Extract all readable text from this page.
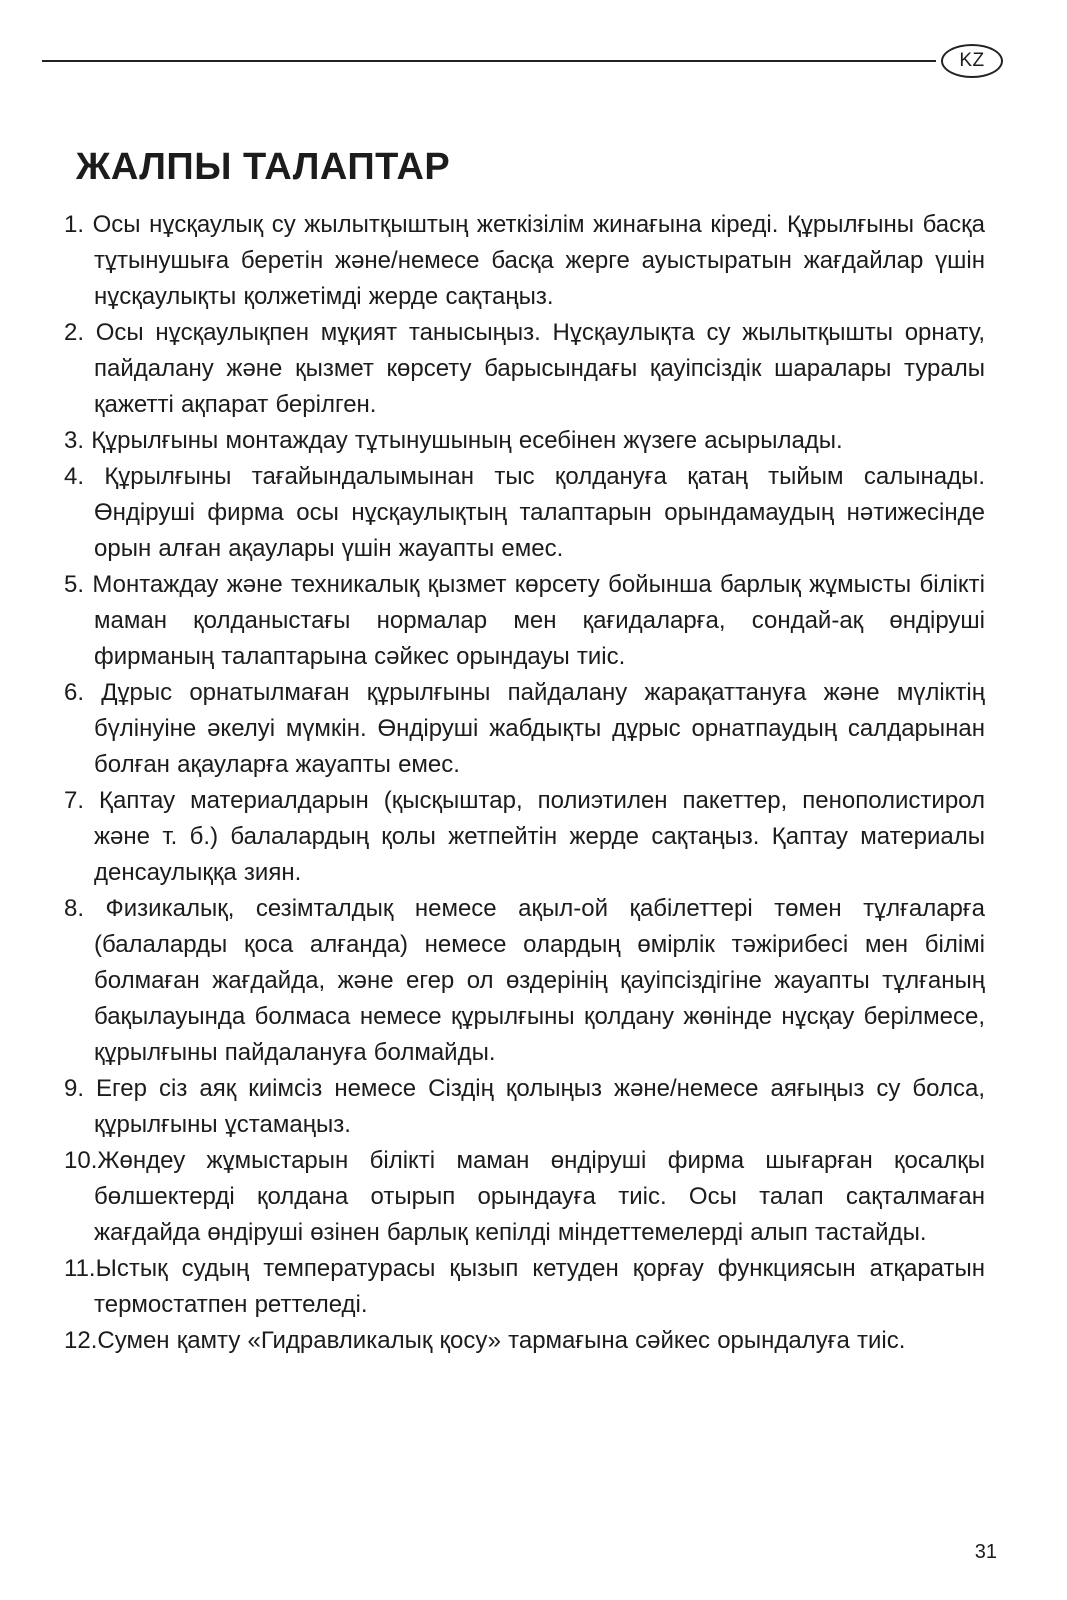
KZ
ЖАЛПЫ ТАЛАПТАР
1. Осы нұсқаулық су жылытқыштың жеткізілім жинағына кіреді. Құрылғыны басқа тұтынушыға беретін және/немесе басқа жерге ауыстыратын жағдайлар үшін нұсқаулықты қолжетімді жерде сақтаңыз.
2. Осы нұсқаулықпен мұқият танысыңыз. Нұсқаулықта су жылытқышты орнату, пайдалану және қызмет көрсету барысындағы қауіпсіздік шаралары туралы қажетті ақпарат берілген.
3. Құрылғыны монтаждау тұтынушының есебінен жүзеге асырылады.
4. Құрылғыны тағайындалымынан тыс қолдануға қатаң тыйым салынады. Өндіруші фирма осы нұсқаулықтың талаптарын орындамаудың нәтижесінде орын алған ақаулары үшін жауапты емес.
5. Монтаждау және техникалық қызмет көрсету бойынша барлық жұмысты білікті маман қолданыстағы нормалар мен қағидаларға, сондай-ақ өндіруші фирманың талаптарына сәйкес орындауы тиіс.
6. Дұрыс орнатылмаған құрылғыны пайдалану жарақаттануға және мүліктің бүлінуіне әкелуі мүмкін. Өндіруші жабдықты дұрыс орнатпаудың салдарынан болған ақауларға жауапты емес.
7. Қаптау материалдарын (қысқыштар, полиэтилен пакеттер, пенополистирол және т. б.) балалардың қолы жетпейтін жерде сақтаңыз. Қаптау материалы денсаулыққа зиян.
8. Физикалық, сезімталдық немесе ақыл-ой қабілеттері төмен тұлғаларға (балаларды қоса алғанда) немесе олардың өмірлік тәжірибесі мен білімі болмаған жағдайда, және егер ол өздерінің қауіпсіздігіне жауапты тұлғаның бақылауында болмаса немесе құрылғыны қолдану жөнінде нұсқау берілмесе, құрылғыны пайдалануға болмайды.
9. Егер сіз аяқ киімсіз немесе Сіздің қолыңыз және/немесе аяғыңыз су болса, құрылғыны ұстамаңыз.
10.Жөндеу жұмыстарын білікті маман өндіруші фирма шығарған қосалқы бөлшектерді қолдана отырып орындауға тиіс. Осы талап сақталмаған жағдайда өндіруші өзінен барлық кепілді міндеттемелерді алып тастайды.
11.Ыстық судың температурасы қызып кетуден қорғау функциясын атқаратын термостатпен реттеледі.
12.Сумен қамту «Гидравликалық қосу» тармағына сәйкес орындалуға тиіс.
31
